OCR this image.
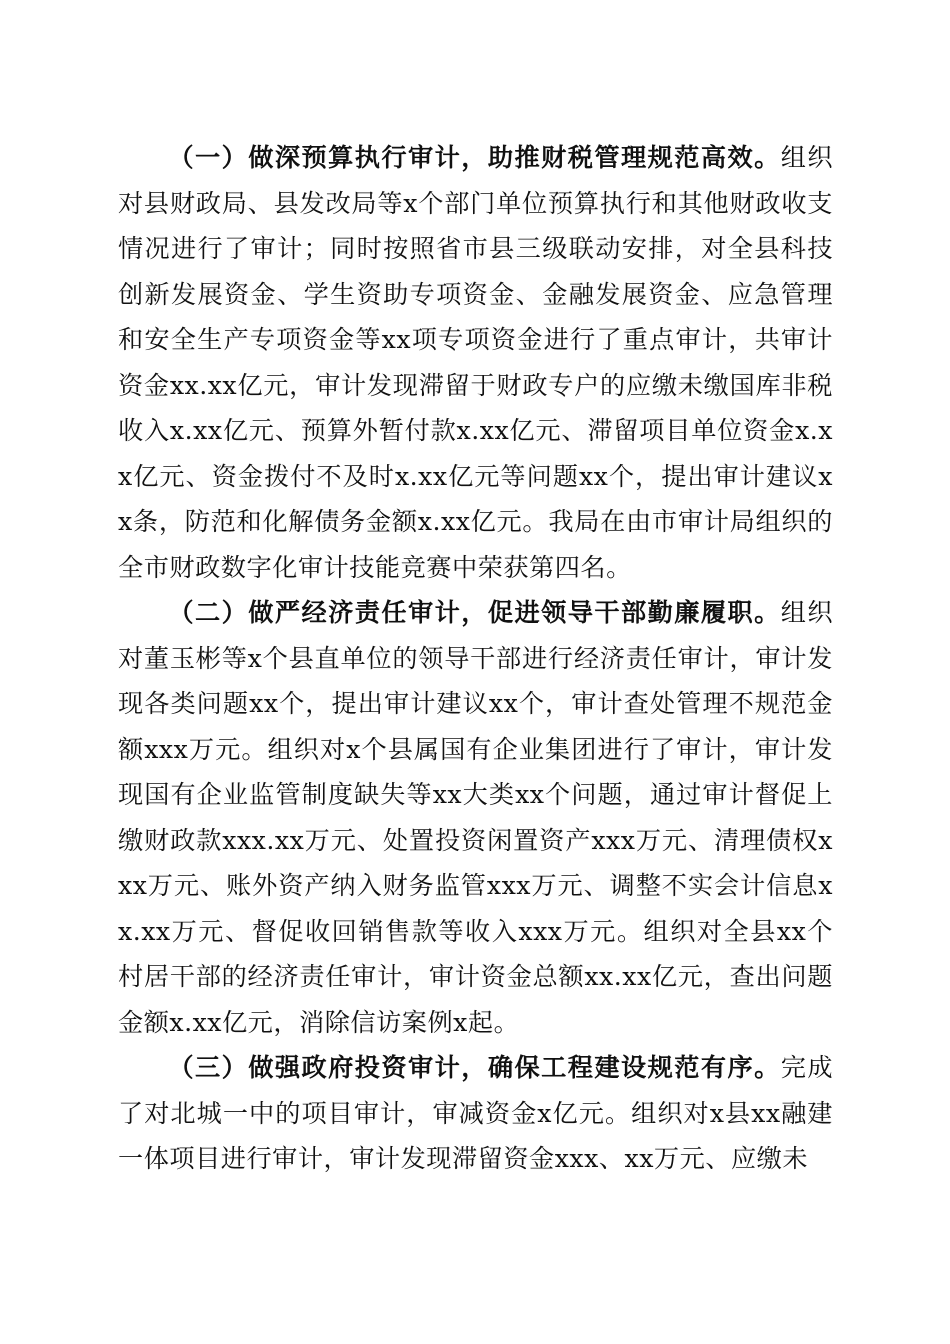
（一）做深预算执行审计，助推财税管理规范高效。组织对县财政局、县发改局等x个部门单位预算执行和其他财政收支情况进行了审计；同时按照省市县三级联动安排，对全县科技创新发展资金、学生资助专项资金、金融发展资金、应急管理和安全生产专项资金等xx项专项资金进行了重点审计，共审计资金xx.xx亿元，审计发现滞留于财政专户的应缴未缴国库非税收入x.xx亿元、预算外暂付款x.xx亿元、滞留项目单位资金x.xx亿元、资金拨付不及时x.xx亿元等问题xx个，提出审计建议xx条，防范和化解债务金额x.xx亿元。我局在由市审计局组织的全市财政数字化审计技能竞赛中荣获第四名。

（二）做严经济责任审计，促进领导干部勤廉履职。组织对董玉彬等x个县直单位的领导干部进行经济责任审计，审计发现各类问题xx个，提出审计建议xx个，审计查处管理不规范金额xxx万元。组织对x个县属国有企业集团进行了审计，审计发现国有企业监管制度缺失等xx大类xx个问题，通过审计督促上缴财政款xxx.xx万元、处置投资闲置资产xxx万元、清理债权xxx万元、账外资产纳入财务监管xxx万元、调整不实会计信息xx.xx万元、督促收回销售款等收入xxx万元。组织对全县xx个村居干部的经济责任审计，审计资金总额xx.xx亿元，查出问题金额x.xx亿元，消除信访案例x起。

（三）做强政府投资审计，确保工程建设规范有序。完成了对北城一中的项目审计，审减资金x亿元。组织对x县xx融建一体项目进行审计，审计发现滞留资金xxx、xx万元、应缴未
